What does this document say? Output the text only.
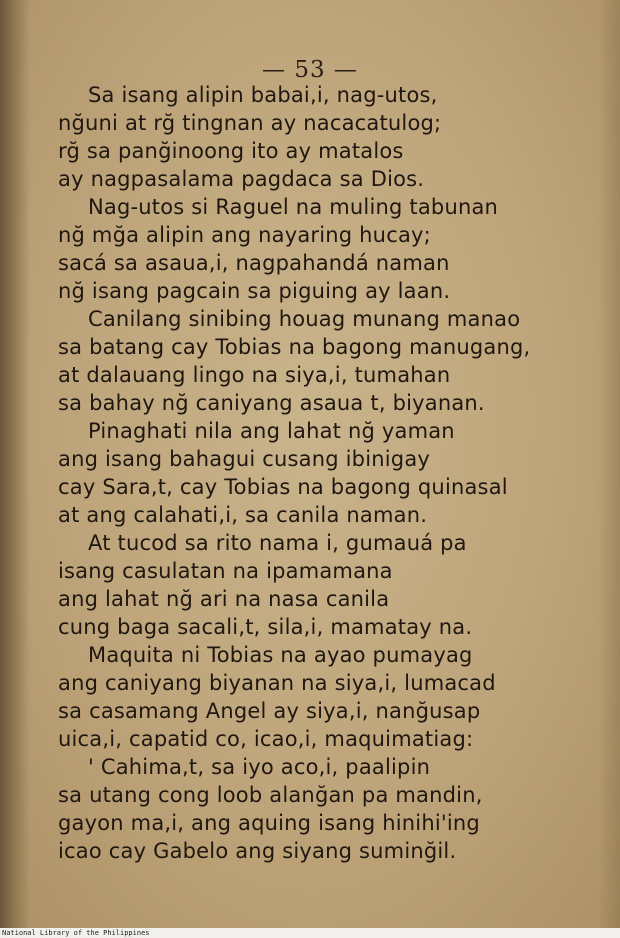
— 53 —
Sa isang alipin babai,i, nag-utos,
nğuni at rğ tingnan ay nacacatulog;
rğ sa panğinoong ito ay matalos
ay nagpasalama pagdaca sa Dios.
Nag-utos si Raguel na muling tabunan
nğ mğa alipin ang nayaring hucay;
sacá sa asaua,i, nagpahandá naman
nğ isang pagcain sa piguing ay laan.
Canilang sinibing houag munang manao
sa batang cay Tobias na bagong manugang,
at dalauang lingo na siya,i, tumahan
sa bahay nğ caniyang asaua t, biyanan.
Pinaghati nila ang lahat nğ yaman
ang isang bahagui cusang ibinigay
cay Sara,t, cay Tobias na bagong quinasal
at ang calahati,i, sa canila naman.
At tucod sa rito nama i, gumauá pa
isang casulatan na ipamamana
ang lahat nğ ari na nasa canila
cung baga sacali,t, sila,i, mamatay na.
Maquita ni Tobias na ayao pumayag
ang caniyang biyanan na siya,i, lumacad
sa casamang Angel ay siya,i, nanğusap
uica,i, capatid co, icao,i, maquimatiag:
' Cahima,t, sa iyo aco,i, paalipin
sa utang cong loob alanğan pa mandin,
gayon ma,i, ang aquing isang hinihi'ing
icao cay Gabelo ang siyang suminğil.
National Library of the Philippines
